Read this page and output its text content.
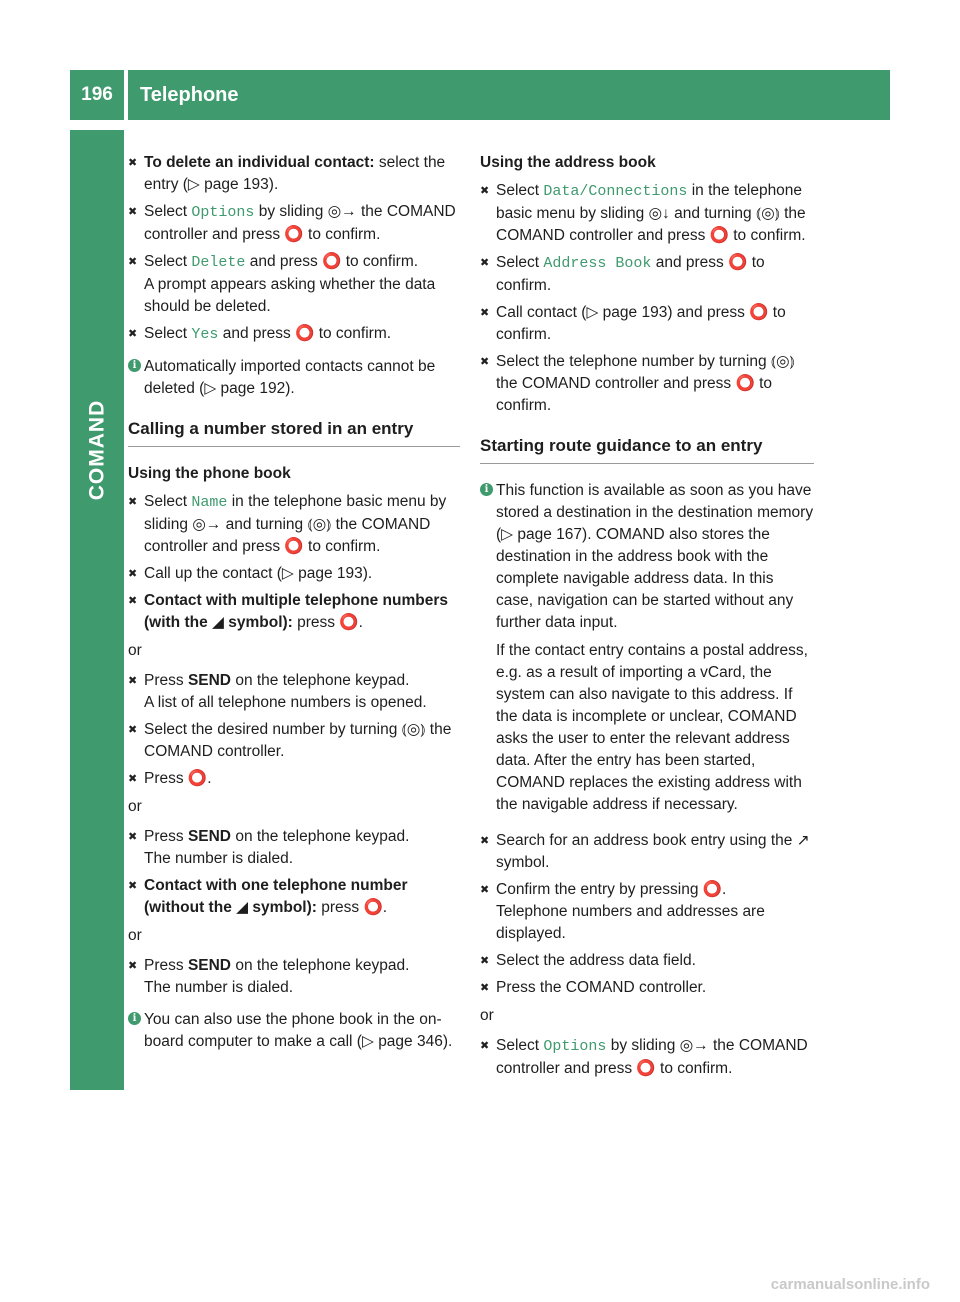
196	Telephone
COMAND
✖ To delete an individual contact: select the entry (▷ page 193).
✖ Select Options by sliding ◎→ the COMAND controller and press ⭕ to confirm.
✖ Select Delete and press ⭕ to confirm.
A prompt appears asking whether the data should be deleted.
✖ Select Yes and press ⭕ to confirm.
i Automatically imported contacts cannot be deleted (▷ page 192).

Calling a number stored in an entry
Using the phone book
✖ Select Name in the telephone basic menu by sliding ◎→ and turning ⦅◎⦆ the COMAND controller and press ⭕ to confirm.
✖ Call up the contact (▷ page 193).
✖ Contact with multiple telephone numbers (with the ◢ symbol): press ⭕.
or
✖ Press SEND on the telephone keypad.
A list of all telephone numbers is opened.
✖ Select the desired number by turning ⦅◎⦆ the COMAND controller.
✖ Press ⭕.
or
✖ Press SEND on the telephone keypad.
The number is dialed.
✖ Contact with one telephone number (without the ◢ symbol): press ⭕.
or
✖ Press SEND on the telephone keypad.
The number is dialed.
i You can also use the phone book in the on-board computer to make a call (▷ page 346).

Using the address book
✖ Select Data/Connections in the telephone basic menu by sliding ◎↓ and turning ⦅◎⦆ the COMAND controller and press ⭕ to confirm.
✖ Select Address Book and press ⭕ to confirm.
✖ Call contact (▷ page 193) and press ⭕ to confirm.
✖ Select the telephone number by turning ⦅◎⦆ the COMAND controller and press ⭕ to confirm.
Starting route guidance to an entry
i This function is available as soon as you have stored a destination in the destination memory (▷ page 167). COMAND also stores the destination in the address book with the complete navigable address data. In this case, navigation can be started without any further data input.

If the contact entry contains a postal address, e.g. as a result of importing a vCard, the system can also navigate to this address. If the data is incomplete or unclear, COMAND asks the user to enter the relevant address data. After the entry has been started, COMAND replaces the existing address with the navigable address if necessary.

✖ Search for an address book entry using the ↗ symbol.
✖ Confirm the entry by pressing ⭕.
Telephone numbers and addresses are displayed.
✖ Select the address data field.
✖ Press the COMAND controller.
or
✖ Select Options by sliding ◎→ the COMAND controller and press ⭕ to confirm.
carmanualsonline.info
